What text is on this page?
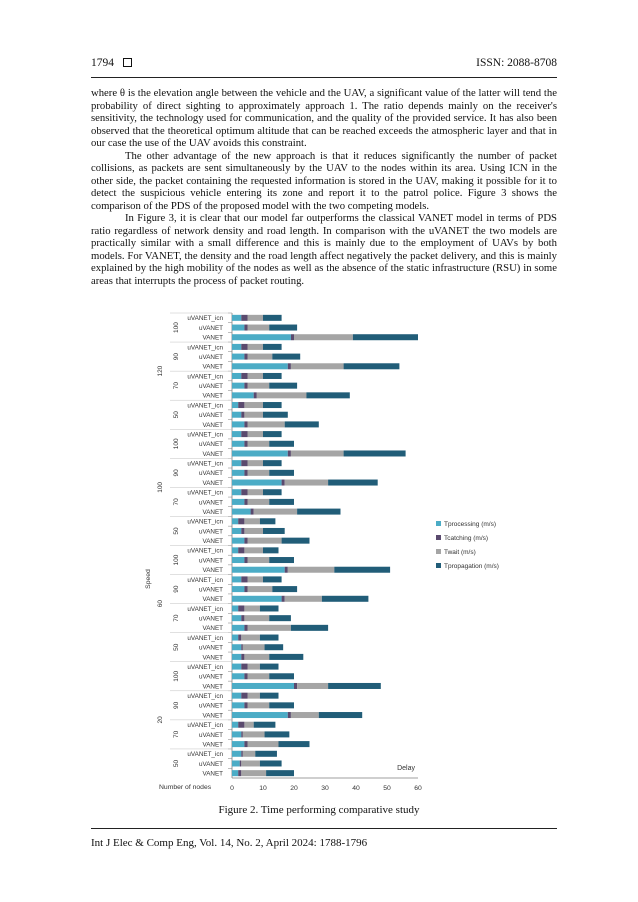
1794	ISSN: 2088-8708

where θ is the elevation angle between the vehicle and the UAV, a significant value of the latter will tend the probability of direct sighting to approximately approach 1. The ratio depends mainly on the receiver's sensitivity, the technology used for communication, and the quality of the provided service. It has also been observed that the theoretical optimum altitude that can be reached exceeds the atmospheric layer and that in our case the use of the UAV avoids this constraint.

The other advantage of the new approach is that it reduces significantly the number of packet collisions, as packets are sent simultaneously by the UAV to the nodes within its area. Using ICN in the other side, the packet containing the requested information is stored in the UAV, making it possible for it to detect the suspicious vehicle entering its zone and report it to the patrol police. Figure 3 shows the comparison of the PDS of the proposed model with the two competing models.

In Figure 3, it is clear that our model far outperforms the classical VANET model in terms of PDS ratio regardless of network density and road length. In comparison with the uVANET the two models are practically similar with a small difference and this is mainly due to the employment of UAVs by both models. For VANET, the density and the road length affect negatively the packet delivery, and this is mainly explained by the high mobility of the nodes as well as the absence of the static infrastructure (RSU) in some areas that interrupts the process of packet routing.

VANET
uVANET
uVANET_icn
VANET
uVANET
uVANET_icn
VANET
uVANET
uVANET_icn
VANET
uVANET
uVANET_icn
VANET
uVANET
uVANET_icn
VANET
uVANET
uVANET_icn
VANET
uVANET
uVANET_icn
VANET
uVANET
uVANET_icn
VANET
uVANET
uVANET_icn
VANET
uVANET
uVANET_icn
VANET
uVANET
uVANET_icn
VANET
uVANET
uVANET_icn
VANET
uVANET
uVANET_icn
VANET
uVANET
uVANET_icn
VANET
uVANET
uVANET_icn
VANET
uVANET
uVANET_icn
50
70
90
100
20
50
70
90
100
60
50
70
90
100
100
50
70
90
100
120
Speed
Number of nodes
Delay
0	10	20	30	40	50	60
Tprocessing (m/s)
Tcatching (m/s)
Twait (m/s)
Tpropagation (m/s)
Figure 2. Time performing comparative study
Int J Elec & Comp Eng, Vol. 14, No. 2, April 2024: 1788-1796
